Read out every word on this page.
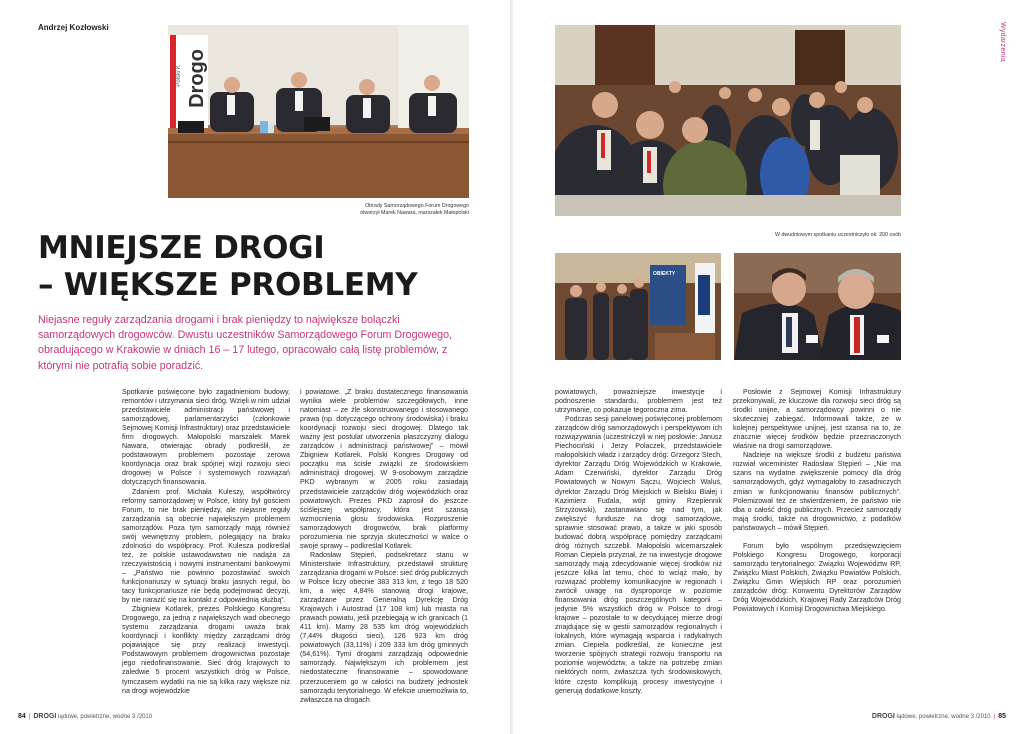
Andrzej Kozłowski
Drogo
Polski K
Obrady Samorządowego Forum Drogowego
otworzył Marek Nawara, marszałek Małopolski
MNIEJSZE DROGI
– WIĘKSZE PROBLEMY

Niejasne reguły zarządzania drogami i brak pieniędzy to największe bolączki samorządowych drogowców. Dwustu uczestników Samorządowego Forum Drogowego, obradującego w Krakowie w dniach 16 – 17 lutego, opracowało całą listę problemów, z którymi nie potrafią sobie poradzić.

Spotkanie poświęcone było zagadnieniom budowy, remontów i utrzymania sieci dróg. Wzięli w nim udział przedstawiciele administracji państwowej i samorządowej, parlamentarzyści (członkowie Sejmowej Komisji Infrastruktury) oraz przedstawiciele firm drogowych. Małopolski marszałek Marek Nawara, otwierając obrady podkreślił, że podstawowym problemem pozostaje zerowa koordynacja oraz brak spójnej wizji rozwoju sieci drogowej w Polsce i systemowych rozwiązań dotyczących finansowania.

Zdaniem prof. Michała Kuleszy, współtwórcy reformy samorządowej w Polsce, który był gościem Forum, to nie brak pieniędzy, ale niejasne reguły zarządzania są obecnie największym problemem samorządów. Poza tym samorządy mają również swój wewnętrzny problem, polegający na braku zdolności do współpracy. Prof. Kulesza podkreślał też, że polskie ustawodawstwo nie nadąża za rzeczywistością i nowymi instrumentami bankowymi – „Państwo nie powinno pozostawiać swoich funkcjonariuszy w sytuacji braku jasnych reguł, bo tacy funkcjonariusze nie będą podejmować decyzji, by nie narazić się na kontakt z odpowiednią służbą”.

Zbigniew Kotlarek, prezes Polskiego Kongresu Drogowego, za jedną z największych wad obecnego systemu zarządzania drogami uważa brak koordynacji i konflikty między zarządcami dróg pojawiające się przy realizacji inwestycji. Podstawowym problemem drogownictwa pozostaje jego niedofinansowanie. Sieć dróg krajowych to zaledwie 5 procent wszystkich dróg w Polsce, tymczasem wydatki na nie są kilka razy większe niż na drogi wojewódzkie

i powiatowe. „Z braku dostatecznego finansowania wynika wiele problemów szczegółowych, inne natomiast – ze źle skonstruowanego i stosowanego prawa (np. dotyczącego ochrony środowiska) i braku koordynacji rozwoju sieci drogowej. Dlatego tak ważny jest postulat utworzenia płaszczyzny dialogu zarządców i administracji państwowej” – mówił Zbigniew Kotlarek. Polski Kongres Drogowy od początku ma ścisłe związki ze środowiskiem administracji drogowej. W 9-osobowym zarządzie PKD wybranym w 2005 roku zasiadają przedstawiciele zarządców dróg wojewódzkich oraz powiatowych. Prezes PKD zaprosił do jeszcze ściślejszej współpracy, która jest szansą wzmocnienia głosu środowiska. Rozproszenie samorządowych drogowców, brak platformy porozumienia nie sprzyja skuteczności w walce o swoje sprawy – podkreślał Kotlarek.

Radosław Stępień, podsekretarz stanu w Ministerstwie Infrastruktury, przedstawił strukturę zarządzania drogami w Polsce: sieć dróg publicznych w Polsce liczy obecnie 383 313 km, z tego 18 520 km, a więc 4,84% stanowią drogi krajowe, zarządzane przez Generalną Dyrekcję Dróg Krajowych i Autostrad (17 108 km) lub miasta na prawach powiatu, jeśli przebiegają w ich granicach (1 411 km). Mamy 28 535 km dróg wojewódzkich (7,44% długości sieci), 126 923 km dróg powiatowych (33,11%) i 209 333 km dróg gminnych (54,61%). Tymi drogami zarządzają odpowiednie samorządy. Największym ich problemem jest niedostateczne finansowanie – spowodowane przerzuceniem go w całości na budżety jednostek samorządu terytorialnego. W efekcie uniemożliwia to, zwłaszcza na drogach

84 | DROGI lądowe, powietrzne, wodne 3 /2010
Wydarzenia
W dwudniowym spotkaniu uczestniczyło ok. 200 osób
OBIEKTY

powiatowych, poważniejsze inwestycje i podnoszenie standardu, problemem jest też utrzymanie, co pokazuje tegoroczna zima.

Podczas sesji panelowej poświęconej problemom zarządców dróg samorządowych i perspektywom ich rozwiązywania (uczestniczyli w niej posłowie: Janusz Piechociński i Jerzy Polaczek, przedstawiciele małopolskich władz i zarządcy dróg: Grzegorz Stech, dyrektor Zarządu Dróg Wojewódzkich w Krakowie, Adam Czerwiński, dyrektor Zarządu Dróg Powiatowych w Nowym Sączu, Wojciech Waluś, dyrektor Zarządu Dróg Miejskich w Bielsku Białej i Kazimierz Fudala, wójt gminy Rzepiennik Strzyżowski), zastanawiano się nad tym, jak zwiększyć fundusze na drogi samorządowe, sprawnie stosować prawo, a także w jaki sposób budować dobrą współpracę pomiędzy zarządcami dróg różnych szczebli. Małopolski wicemarszałek Roman Ciepiela przyznał, że na inwestycje drogowe samorządy mają zdecydowanie więcej środków niż jeszcze kilka lat temu, choć to wciąż mało, by rozwiązać problemy komunikacyjne w regionach i zwrócił uwagę na dysproporcje w poziomie finansowania dróg poszczególnych kategorii – jedynie 5% wszystkich dróg w Polsce to drogi krajowe – pozostałe to w decydującej mierze drogi znajdujące się w gestii samorządów regionalnych i lokalnych, które wymagają wsparcia i radykalnych zmian. Ciepiela podkreślał, że konieczne jest tworzenie spójnych strategii rozwoju transportu na poziomie województw, a także na potrzebę zmian niektórych norm, zwłaszcza tych środowiskowych, które często komplikują procesy inwestycyjne i generują dodatkowe koszty.

Posłowie z Sejmowej Komisji Infrastruktury przekonywali, że kluczowe dla rozwoju sieci dróg są środki unijne, a samorządowcy powinni o nie skuteczniej zabiegać. Informowali także, że w kolejnej perspektywie unijnej, jest szansa na to, że znacznie więcej środków będzie przeznaczonych właśnie na drogi samorządowe.

Nadzieje na większe środki z budżetu państwa rozwiał wiceminister Radosław Stępień – „Nie ma szans na wydatne zwiększenie pomocy dla dróg samorządowych, gdyż wymagałoby to zasadniczych zmian w funkcjonowaniu finansów publicznych”. Polemizował też ze stwierdzeniem, że państwo nie dba o całość dróg publicznych. Przecież samorządy mają środki, także na drogownictwo, z podatków państwowych – mówił Stępień.

Forum było wspólnym przedsięwzięciem Polskiego Kongresu Drogowego, korporacji samorządu terytorialnego: Związku Województw RP, Związku Miast Polskich, Związku Powiatów Polskich, Związku Gmin Wiejskich RP oraz porozumień zarządców dróg: Konwentu Dyrektorów Zarządów Dróg Wojewódzkich, Krajowej Rady Zarządców Dróg Powiatowych i Komisji Drogownictwa Miejskiego.

DROGI lądowe, powietrzne, wodne 3 /2010 | 85
